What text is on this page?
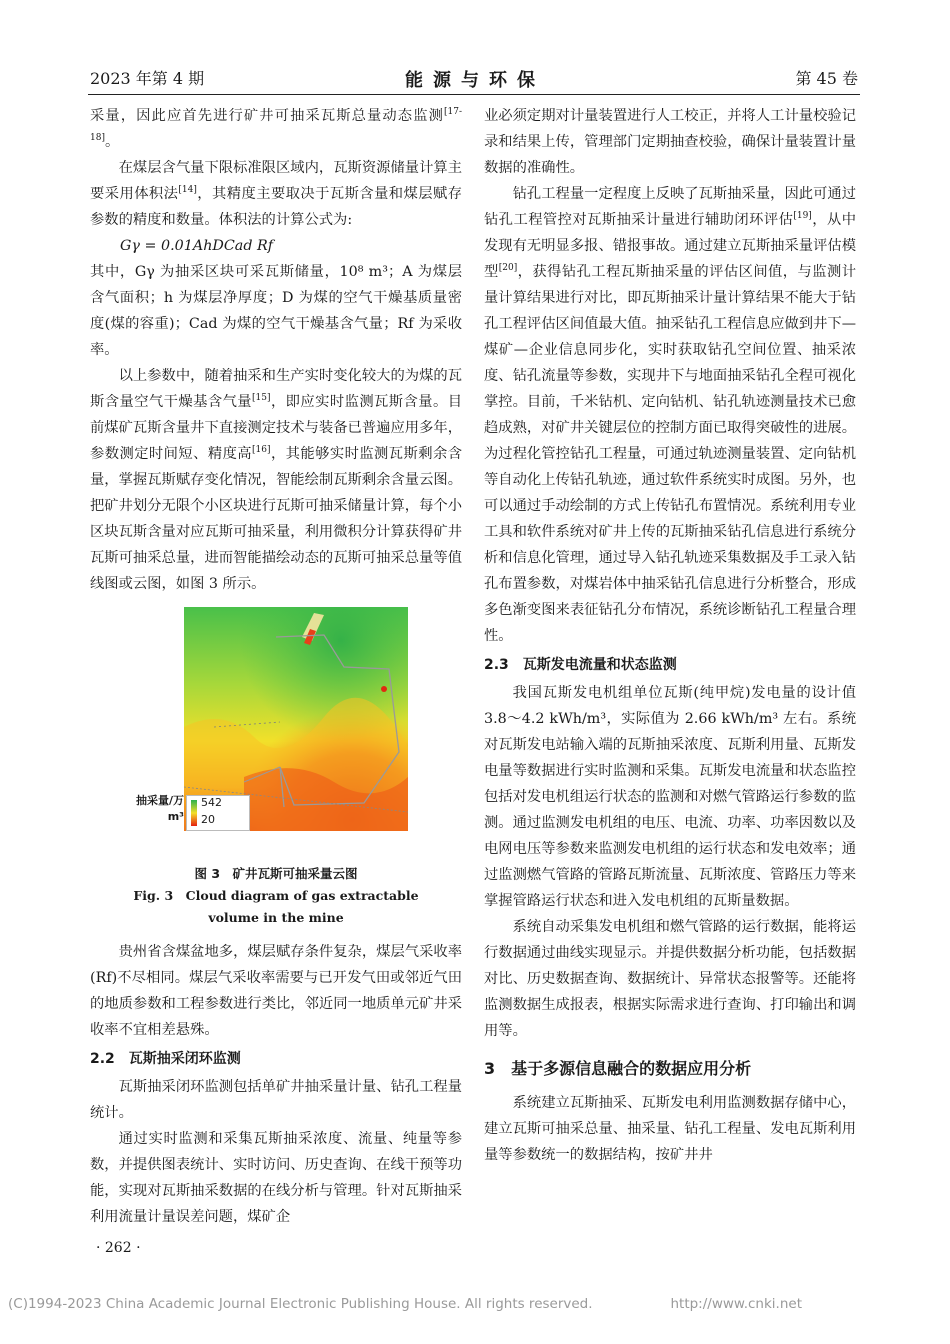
2023 年第 4 期	能源与环保	第 45 卷

采量，因此应首先进行矿井可抽采瓦斯总量动态监测[17-18]。

在煤层含气量下限标准限区域内，瓦斯资源储量计算主要采用体积法[14]，其精度主要取决于瓦斯含量和煤层赋存参数的精度和数量。体积法的计算公式为:

Gγ = 0.01AhDCad Rf

其中，Gγ 为抽采区块可采瓦斯储量，10⁸ m³；A 为煤层含气面积；h 为煤层净厚度；D 为煤的空气干燥基质量密度(煤的容重)；Cad 为煤的空气干燥基含气量；Rf 为采收率。

以上参数中，随着抽采和生产实时变化较大的为煤的瓦斯含量空气干燥基含气量[15]，即应实时监测瓦斯含量。目前煤矿瓦斯含量井下直接测定技术与装备已普遍应用多年，参数测定时间短、精度高[16]，其能够实时监测瓦斯剩余含量，掌握瓦斯赋存变化情况，智能绘制瓦斯剩余含量云图。把矿井划分无限个小区块进行瓦斯可抽采储量计算，每个小区块瓦斯含量对应瓦斯可抽采量，利用微积分计算获得矿井瓦斯可抽采总量，进而智能描绘动态的瓦斯可抽采总量等值线图或云图，如图 3 所示。

抽采量/万m³
542
20
图 3　矿井瓦斯可抽采量云图
Fig. 3　Cloud diagram of gas extractable
volume in the mine

贵州省含煤盆地多，煤层赋存条件复杂，煤层气采收率(Rf)不尽相同。煤层气采收率需要与已开发气田或邻近气田的地质参数和工程参数进行类比，邻近同一地质单元矿井采收率不宜相差悬殊。

2.2　瓦斯抽采闭环监测

瓦斯抽采闭环监测包括单矿井抽采量计量、钻孔工程量统计。

通过实时监测和采集瓦斯抽采浓度、流量、纯量等参数，并提供图表统计、实时访问、历史查询、在线干预等功能，实现对瓦斯抽采数据的在线分析与管理。针对瓦斯抽采利用流量计量误差问题，煤矿企

业必须定期对计量装置进行人工校正，并将人工计量校验记录和结果上传，管理部门定期抽查校验，确保计量装置计量数据的准确性。

钻孔工程量一定程度上反映了瓦斯抽采量，因此可通过钻孔工程管控对瓦斯抽采计量进行辅助闭环评估[19]，从中发现有无明显多报、错报事故。通过建立瓦斯抽采量评估模型[20]，获得钻孔工程瓦斯抽采量的评估区间值，与监测计量计算结果进行对比，即瓦斯抽采计量计算结果不能大于钻孔工程评估区间值最大值。抽采钻孔工程信息应做到井下—煤矿—企业信息同步化，实时获取钻孔空间位置、抽采浓度、钻孔流量等参数，实现井下与地面抽采钻孔全程可视化掌控。目前，千米钻机、定向钻机、钻孔轨迹测量技术已愈趋成熟，对矿井关键层位的控制方面已取得突破性的进展。为过程化管控钻孔工程量，可通过轨迹测量装置、定向钻机等自动化上传钻孔轨迹，通过软件系统实时成图。另外，也可以通过手动绘制的方式上传钻孔布置情况。系统利用专业工具和软件系统对矿井上传的瓦斯抽采钻孔信息进行系统分析和信息化管理，通过导入钻孔轨迹采集数据及手工录入钻孔布置参数，对煤岩体中抽采钻孔信息进行分析整合，形成多色渐变图来表征钻孔分布情况，系统诊断钻孔工程量合理性。

2.3　瓦斯发电流量和状态监测

我国瓦斯发电机组单位瓦斯(纯甲烷)发电量的设计值 3.8～4.2 kWh/m³，实际值为 2.66 kWh/m³ 左右。系统对瓦斯发电站输入端的瓦斯抽采浓度、瓦斯利用量、瓦斯发电量等数据进行实时监测和采集。瓦斯发电流量和状态监控包括对发电机组运行状态的监测和对燃气管路运行参数的监测。通过监测发电机组的电压、电流、功率、功率因数以及电网电压等参数来监测发电机组的运行状态和发电效率；通过监测燃气管路的管路瓦斯流量、瓦斯浓度、管路压力等来掌握管路运行状态和进入发电机组的瓦斯量数据。

系统自动采集发电机组和燃气管路的运行数据，能将运行数据通过曲线实现显示。并提供数据分析功能，包括数据对比、历史数据查询、数据统计、异常状态报警等。还能将监测数据生成报表，根据实际需求进行查询、打印输出和调用等。

3　基于多源信息融合的数据应用分析

系统建立瓦斯抽采、瓦斯发电利用监测数据存储中心，建立瓦斯可抽采总量、抽采量、钻孔工程量、发电瓦斯利用量等参数统一的数据结构，按矿井井

· 262 ·
(C)1994-2023 China Academic Journal Electronic Publishing House. All rights reserved.	http://www.cnki.net
